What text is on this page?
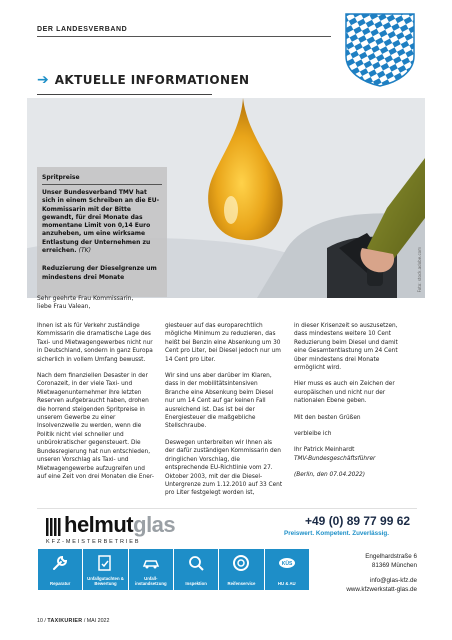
DER LANDESVERBAND
➔ AKTUELLE INFORMATIONEN
Foto: stock.adobe.com
Spritpreise
Unser Bundesverband TMV hat sich in einem Schreiben an die EU-Kommissarin mit der Bitte gewandt, für drei Monate das momentane Limit von 0,14 Euro anzuheben, um eine wirksame Entlastung der Unternehmen zu erreichen. (TK)
Reduzierung der Dieselgrenze um mindestens drei Monate
Sehr geehrte Frau Kommissarin,
liebe Frau Valean,

Ihnen ist als für Verkehr zuständige Kommissarin die dramatische Lage des Taxi- und Mietwagengewerbes nicht nur in Deutschland, sondern in ganz Europa sicherlich in vollem Umfang bewusst.

Nach dem finanziellen Desaster in der Coronazeit, in der viele Taxi- und Mietwagenunternehmer ihre letzten Reserven aufgebraucht haben, drohen die horrend steigenden Spritpreise in unserem Gewerbe zu einer Insolvenzwelle zu werden, wenn die Politik nicht viel schneller und unbürokratischer gegensteuert. Die Bundesregierung hat nun entschieden, unseren Vorschlag als Taxi- und Mietwagengewerbe aufzugreifen und auf eine Zeit von drei Monaten die Ener-

giesteuer auf das europarechtlich mögliche Minimum zu reduzieren, das heißt bei Benzin eine Absenkung um 30 Cent pro Liter, bei Diesel jedoch nur um 14 Cent pro Liter.

Wir sind uns aber darüber im Klaren, dass in der mobilitätsintensiven Branche eine Absenkung beim Diesel nur um 14 Cent auf gar keinen Fall ausreichend ist. Das ist bei der Energiesteuer die maßgebliche Stellschraube.

Deswegen unterbreiten wir Ihnen als der dafür zuständigen Kommissarin den dringlichen Vorschlag, die entsprechende EU-Richtlinie vom 27. Oktober 2003, mit der die Diesel-Untergrenze zum 1.12.2010 auf 33 Cent pro Liter festgelegt worden ist,

in dieser Krisenzeit so auszusetzen, dass mindestens weitere 10 Cent Reduzierung beim Diesel und damit eine Gesamtentlastung um 24 Cent über mindestens drei Monate ermöglicht wird.

Hier muss es auch ein Zeichen der europäischen und nicht nur der nationalen Ebene geben.

Mit den besten Grüßen

verbleibe ich

Ihr Patrick Meinhardt
TMV-Bundesgeschäftsführer

(Berlin, den 07.04.2022)

helmutglas
KFZ-MEISTERBETRIEB
+49 (0) 89 77 99 62
Preiswert. Kompetent. Zuverlässig.
Reparatur
Unfallgutachten & Bewertung
Unfall-instandsetzung	Inspektion	Reifenservice
KÜS
HU & AU
Engelhardstraße 6
81369 München
info@glas-kfz.de
www.kfzwerkstatt-glas.de
10 / TAXIKURIER / MAI 2022
